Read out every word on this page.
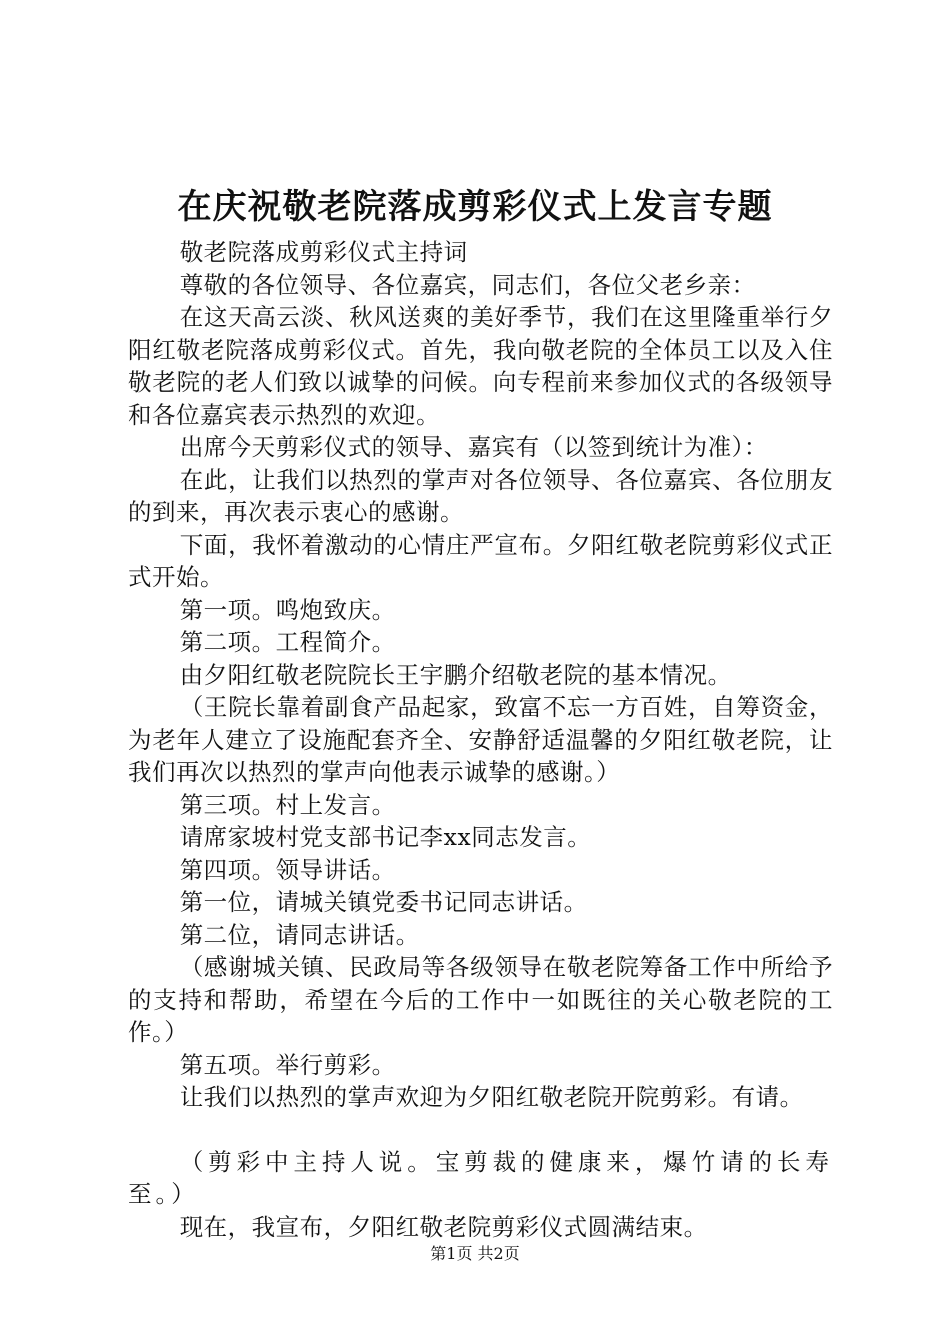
在庆祝敬老院落成剪彩仪式上发言专题

敬老院落成剪彩仪式主持词

尊敬的各位领导、各位嘉宾，同志们，各位父老乡亲：

在这天高云淡、秋风送爽的美好季节，我们在这里隆重举行夕阳红敬老院落成剪彩仪式。首先，我向敬老院的全体员工以及入住敬老院的老人们致以诚挚的问候。向专程前来参加仪式的各级领导和各位嘉宾表示热烈的欢迎。

出席今天剪彩仪式的领导、嘉宾有（以签到统计为准）：

在此，让我们以热烈的掌声对各位领导、各位嘉宾、各位朋友的到来，再次表示衷心的感谢。

下面，我怀着激动的心情庄严宣布。夕阳红敬老院剪彩仪式正式开始。

第一项。鸣炮致庆。

第二项。工程简介。

由夕阳红敬老院院长王宇鹏介绍敬老院的基本情况。

（王院长靠着副食产品起家，致富不忘一方百姓，自筹资金，为老年人建立了设施配套齐全、安静舒适温馨的夕阳红敬老院，让我们再次以热烈的掌声向他表示诚挚的感谢。）

第三项。村上发言。

请席家坡村党支部书记李xx同志发言。

第四项。领导讲话。

第一位，请城关镇党委书记同志讲话。

第二位，请同志讲话。

（感谢城关镇、民政局等各级领导在敬老院筹备工作中所给予的支持和帮助，希望在今后的工作中一如既往的关心敬老院的工作。）

第五项。举行剪彩。

让我们以热烈的掌声欢迎为夕阳红敬老院开院剪彩。有请。

（剪彩中主持人说。宝剪裁的健康来，爆竹请的长寿至。）

现在，我宣布，夕阳红敬老院剪彩仪式圆满结束。

第1页 共2页
